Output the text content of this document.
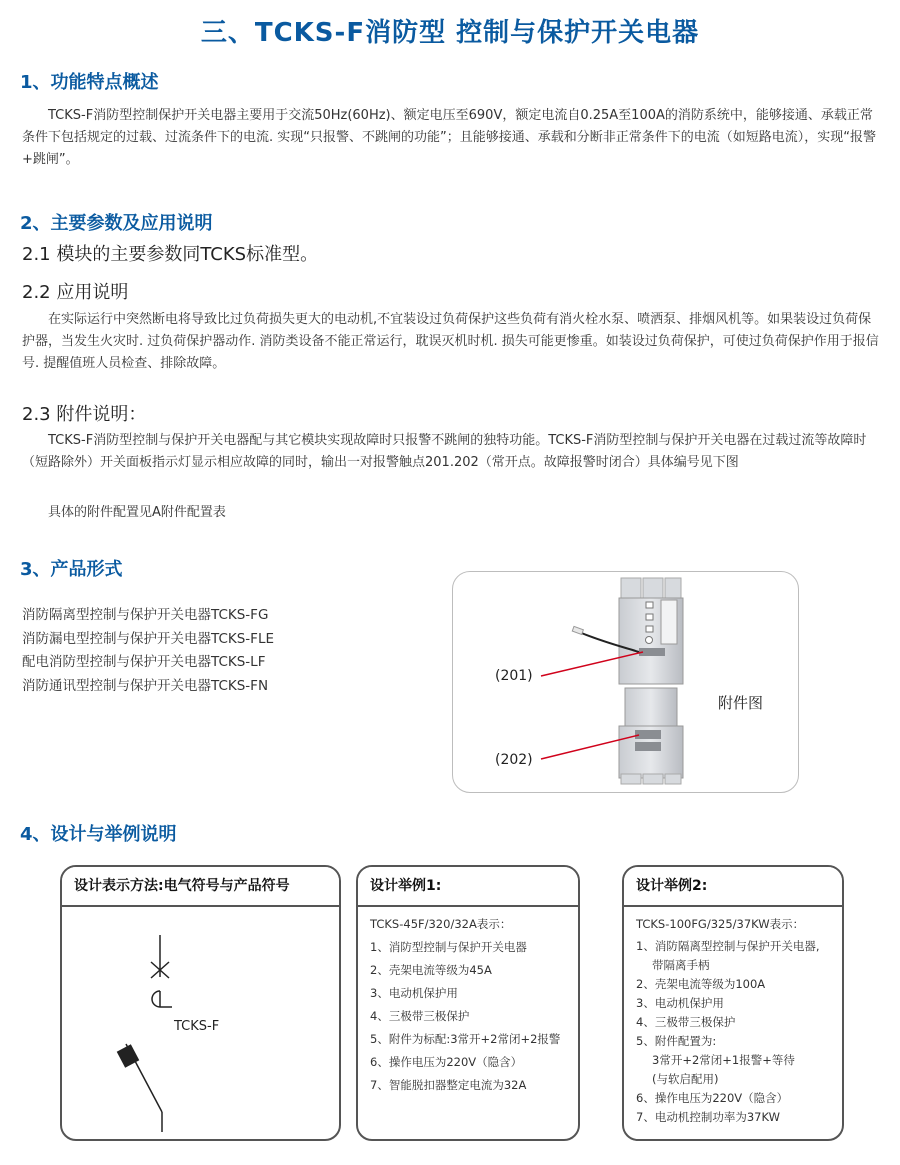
三、TCKS-F消防型 控制与保护开关电器
1、功能特点概述

TCKS-F消防型控制保护开关电器主要用于交流50Hz(60Hz)、额定电压至690V，额定电流自0.25A至100A的消防系统中，能够接通、承载正常条件下包括规定的过载、过流条件下的电流. 实现“只报警、不跳闸的功能”；且能够接通、承载和分断非正常条件下的电流（如短路电流），实现“报警+跳闸”。

2、主要参数及应用说明
2.1 模块的主要参数同TCKS标准型。
2.2 应用说明

在实际运行中突然断电将导致比过负荷损失更大的电动机,不宜装设过负荷保护这些负荷有消火栓水泵、喷洒泵、排烟风机等。如果装设过负荷保护器，当发生火灾时. 过负荷保护器动作. 消防类设备不能正常运行，耽误灭机时机. 损失可能更惨重。如装设过负荷保护，可使过负荷保护作用于报信号. 提醒值班人员检查、排除故障。

2.3 附件说明：

TCKS-F消防型控制与保护开关电器配与其它模块实现故障时只报警不跳闸的独特功能。TCKS-F消防型控制与保护开关电器在过载过流等故障时（短路除外）开关面板指示灯显示相应故障的同时，输出一对报警触点201.202（常开点。故障报警时闭合）具体编号见下图

具体的附件配置见A附件配置表

3、产品形式
消防隔离型控制与保护开关电器TCKS-FG
消防漏电型控制与保护开关电器TCKS-FLE
配电消防型控制与保护开关电器TCKS-LF
消防通讯型控制与保护开关电器TCKS-FN
(201)
(202)
附件图
4、设计与举例说明
设计表示方法:电气符号与产品符号
TCKS-F
设计举例1:
TCKS-45F/320/32A表示：
1、消防型控制与保护开关电器
2、壳架电流等级为45A
3、电动机保护用
4、三极带三极保护
5、附件为标配:3常开+2常闭+2报警
6、操作电压为220V（隐含）
7、智能脱扣器整定电流为32A
设计举例2:
TCKS-100FG/325/37KW表示：
1、消防隔离型控制与保护开关电器,
带隔离手柄
2、壳架电流等级为100A
3、电动机保护用
4、三极带三极保护
5、附件配置为:
3常开+2常闭+1报警+等待
(与软启配用)
6、操作电压为220V（隐含）
7、电动机控制功率为37KW
